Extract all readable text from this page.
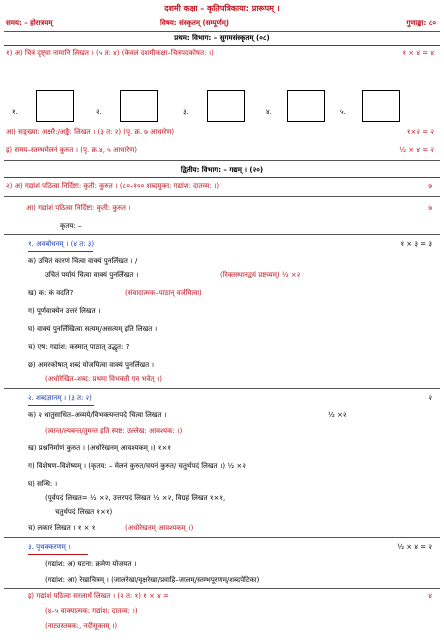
दशमी कक्षा – कृतिपत्रिकाया: प्रारूपम् ।
समय: – होरात्रयम्	विषय: संस्कृतम् (सम्पूर्णम्)	गुणाङ्का: ८०
प्रथम: विभाग: – सुगमसंस्कृतम् (०८)
१) अ) चित्रं दृष्ट्वा नामानि लिखत । (५ त: ४) (केवलं दशमीकक्षा–चित्रपदकोषत: ।)	१ × ४ = ४
१.	२.	३.	४.	५.
आ) सङ्ख्या: अक्षरै:/अङ्कै: लिखत । (३ त: २) (पृ. क्र. ७ आधारेण)	१×२ = २
इ) समय–स्तम्भमेलनं कुरुत । (पृ. क्र.४, ५ आधारेण)	½ × ४ = २
द्वितीय: विभाग: – गद्यम् । (२०)
२) अ) गद्यांशं पठित्वा निर्दिष्टा: कृती: कुरुत । (८०–१०० शब्दयुक्त: गद्यांश: दातव्य: ।)	७
आ) गद्यांशं पठित्वा निर्दिष्टा: कृती: कुरुत ।	७
कृतय: –
१. अवबोधनम् । (४ त: ३)	१ × ३ = ३
क) उचितं कारणं चित्वा वाक्यं पुनर्लिखत । /
उचितं पर्यायं चित्वा वाक्यं पुनर्लिखत ।	(रिक्तस्थानद्वयं प्रष्टव्यम्) ½ ×२
ख) क: कं वदति?	(संवादात्मक–पाठान् वर्जयित्वा)
ग) पूर्णवाक्येन उत्तरं लिखत ।
घ) वाक्यं पुनर्लिखित्वा सत्यम्/असत्यम् इति लिखत ।
च) एष: गद्यांश: कस्मात् पाठात् उद्धृत: ?
छ) अमरकोषात् शब्दं योजयित्वा वाक्यं पुनर्लिखत ।
(अधोरेखित–शब्द: प्रथमा विभक्तौ एव भवेत् ।)
२. शब्दज्ञानम् । (३ त: २)	२
क) २ धातुसाधित–अव्यये/विभक्त्यन्तपदे चित्वा लिखत ।	½ ×२
(त्वान्त/ल्यबन्त/तुमन्त इति स्पष्ट: उल्लेख: आवश्यक: ।)
ख) प्रश्ननिर्माणं कुरुत । (अधोरेखनम् आवश्यकम् ।) १×१
ग) विशेषण–विशेष्यम् । (कृतय: – मेलनं कुरुत/चयनं कुरुत/ चतुर्थपदं लिखत ।) ½ ×२
घ) सन्धि: ।
(पूर्वपदं लिखत= ½ ×२, उत्तरपदं लिखत ½ ×२, विग्रहं लिखत १×१,
चतुर्थपदं लिखत १×१)
च) लकारं लिखत । १ × १	(अधोरेखनम् आवश्यकम् ।)
३. पृथक्करणम् ।	½ × ४ = २
(गद्यांश: अ) घटना: क्रमेण योजयत ।
(गद्यांश: आ) रेखाचित्रम् । (जालरेखा/वृक्षरेखा/प्रवाहि–जालम्/स्तम्भपूरणम्/शब्दपेटिका)
इ) गद्यांशं पठित्वा सरलार्थं लिखत । (२ त: १) १ × ४ =	४
(४–५ वाक्यात्मक: गद्यांश: दातव्य: ।)
(नाट्यस्तबक:, नदीसूक्तम् ।)
